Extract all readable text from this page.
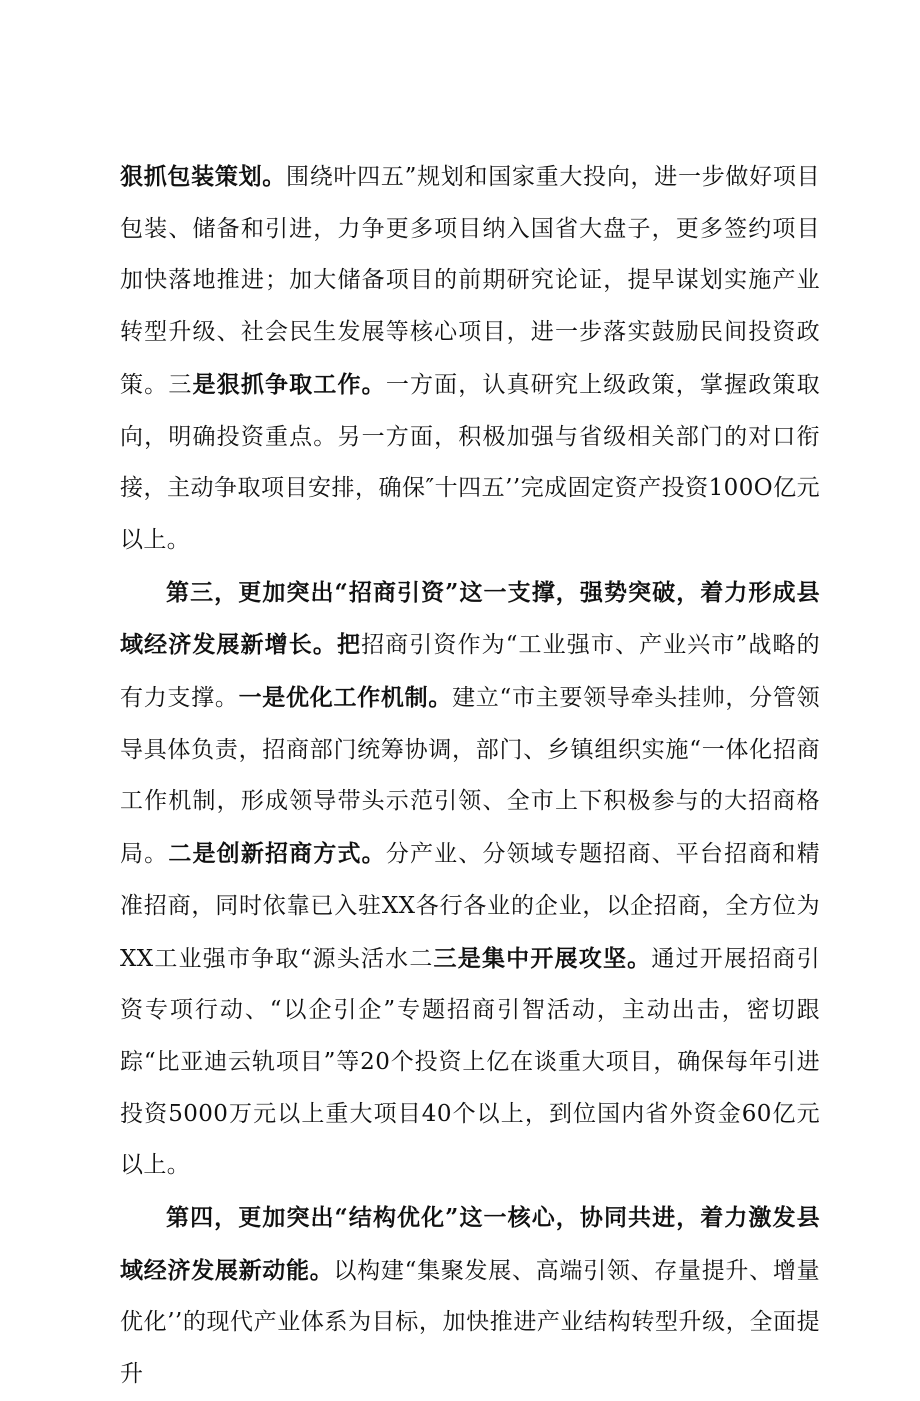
狠抓包装策划。围绕叶四五”规划和国家重大投向，进一步做好项目包装、储备和引进，力争更多项目纳入国省大盘子，更多签约项目加快落地推进；加大储备项目的前期研究论证，提早谋划实施产业转型升级、社会民生发展等核心项目，进一步落实鼓励民间投资政策。三是狠抓争取工作。一方面，认真研究上级政策，掌握政策取向，明确投资重点。另一方面，积极加强与省级相关部门的对口衔接，主动争取项目安排，确保″十四五’’完成固定资产投资100O亿元以上。

第三，更加突出“招商引资”这一支撑，强势突破，着力形成县域经济发展新增长。把招商引资作为“工业强市、产业兴市”战略的有力支撑。一是优化工作机制。建立“市主要领导牵头挂帅，分管领导具体负责，招商部门统筹协调，部门、乡镇组织实施“一体化招商工作机制，形成领导带头示范引领、全市上下积极参与的大招商格局。二是创新招商方式。分产业、分领域专题招商、平台招商和精准招商，同时依靠已入驻XX各行各业的企业，以企招商，全方位为XX工业强市争取“源头活水二三是集中开展攻坚。通过开展招商引资专项行动、“以企引企”专题招商引智活动，主动出击，密切跟踪“比亚迪云轨项目”等20个投资上亿在谈重大项目，确保每年引进投资5000万元以上重大项目40个以上，到位国内省外资金60亿元以上。

第四，更加突出“结构优化”这一核心，协同共进，着力激发县域经济发展新动能。以构建“集聚发展、高端引领、存量提升、增量优化’’的现代产业体系为目标，加快推进产业结构转型升级，全面提升
